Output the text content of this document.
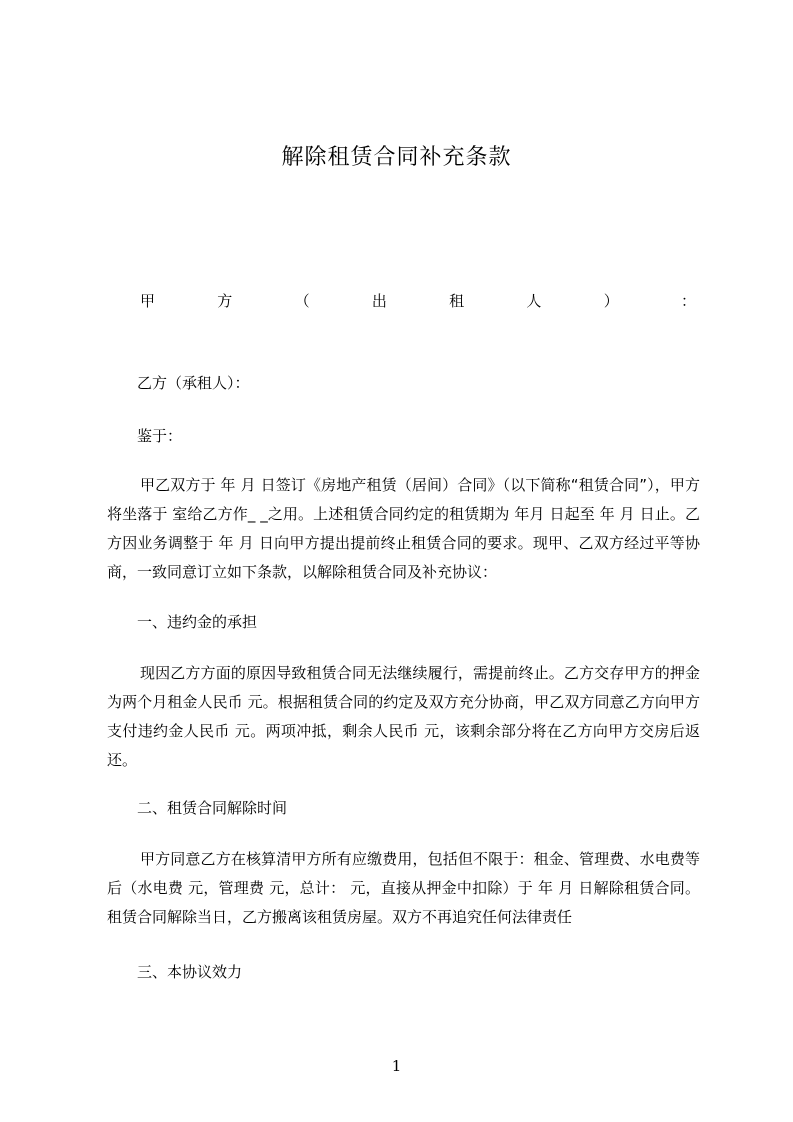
解除租赁合同补充条款
甲	方	（	出	租	人	）	：
乙方（承租人）：
鉴于：
甲乙双方于 年 月 日签订《房地产租赁（居间）合同》（以下简称“租赁合同”），甲方将坐落于 室给乙方作_ _之用。上述租赁合同约定的租赁期为 年月 日起至 年 月 日止。乙方因业务调整于 年 月 日向甲方提出提前终止租赁合同的要求。现甲、乙双方经过平等协商，一致同意订立如下条款，以解除租赁合同及补充协议：
一、违约金的承担
现因乙方方面的原因导致租赁合同无法继续履行，需提前终止。乙方交存甲方的押金为两个月租金人民币 元。根据租赁合同的约定及双方充分协商，甲乙双方同意乙方向甲方支付违约金人民币 元。两项冲抵，剩余人民币 元，该剩余部分将在乙方向甲方交房后返还。
二、租赁合同解除时间
甲方同意乙方在核算清甲方所有应缴费用，包括但不限于：租金、管理费、水电费等后（水电费 元，管理费 元，总计： 元，直接从押金中扣除）于 年 月 日解除租赁合同。租赁合同解除当日，乙方搬离该租赁房屋。双方不再追究任何法律责任
三、本协议效力
1
